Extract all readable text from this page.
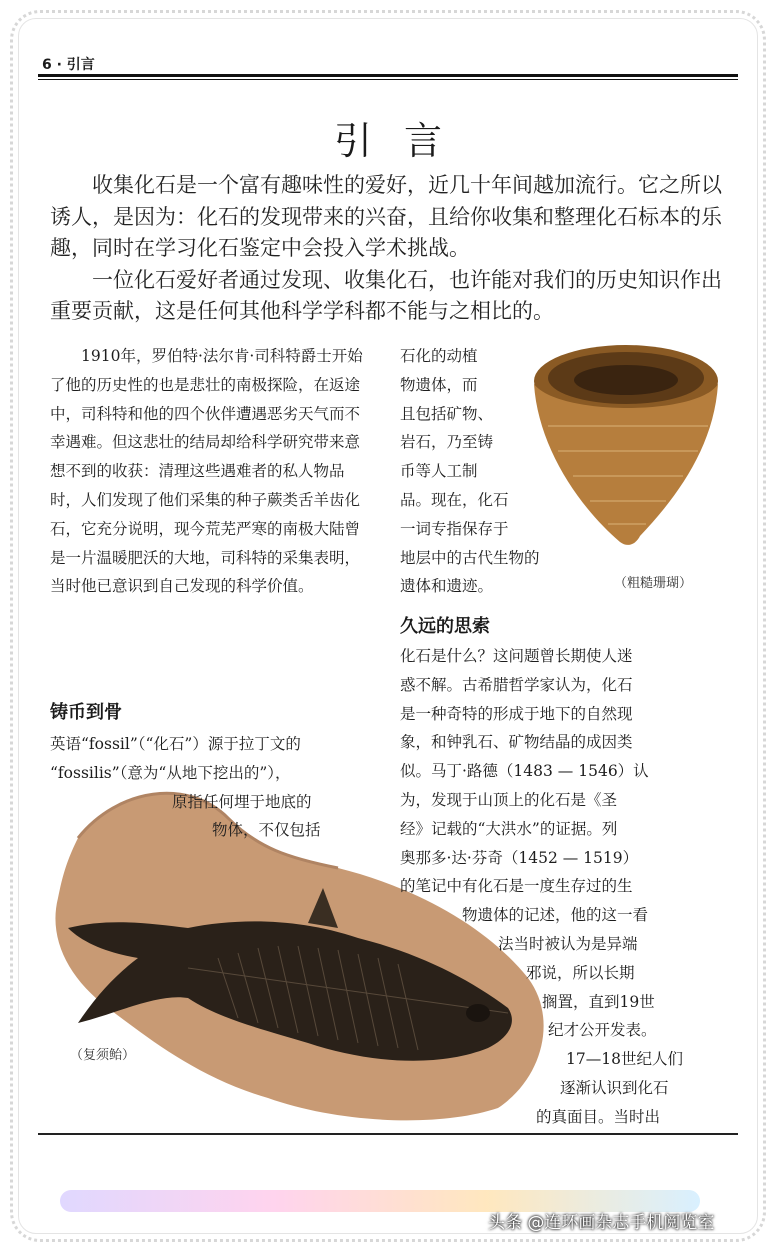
6 · 引言
引言

收集化石是一个富有趣味性的爱好，近几十年间越加流行。它之所以诱人，是因为：化石的发现带来的兴奋，且给你收集和整理化石标本的乐趣，同时在学习化石鉴定中会投入学术挑战。

一位化石爱好者通过发现、收集化石，也许能对我们的历史知识作出重要贡献，这是任何其他科学学科都不能与之相比的。

1910年，罗伯特·法尔肯·司科特爵士开始了他的历史性的也是悲壮的南极探险，在返途中，司科特和他的四个伙伴遭遇恶劣天气而不幸遇难。但这悲壮的结局却给科学研究带来意想不到的收获：清理这些遇难者的私人物品时，人们发现了他们采集的种子蕨类舌羊齿化石，它充分说明，现今荒芜严寒的南极大陆曾是一片温暖肥沃的大地，司科特的采集表明，当时他已意识到自己发现的科学价值。

铸币到骨

英语“fossil”（“化石”）源于拉丁文的

“fossilis”（意为“从地下挖出的”），

原指任何埋于地底的

物体，不仅包括

（复须鲐）
（粗糙珊瑚）

石化的动植

物遗体，而

且包括矿物、

岩石，乃至铸

币等人工制

品。现在，化石

一词专指保存于

地层中的古代生物的

遗体和遗迹。

久远的思索

化石是什么？这问题曾长期使人迷

惑不解。古希腊哲学家认为，化石

是一种奇特的形成于地下的自然现

象，和钟乳石、矿物结晶的成因类

似。马丁·路德（1483 — 1546）认

为，发现于山顶上的化石是《圣

经》记载的“大洪水”的证据。列

奥那多·达·芬奇（1452 — 1519）

的笔记中有化石是一度生存过的生

物遗体的记述，他的这一看

法当时被认为是异端

邪说，所以长期

搁置，直到19世

纪才公开发表。

17—18世纪人们

逐渐认识到化石

的真面目。当时出

头条 @连环画杂志手机阅览室
